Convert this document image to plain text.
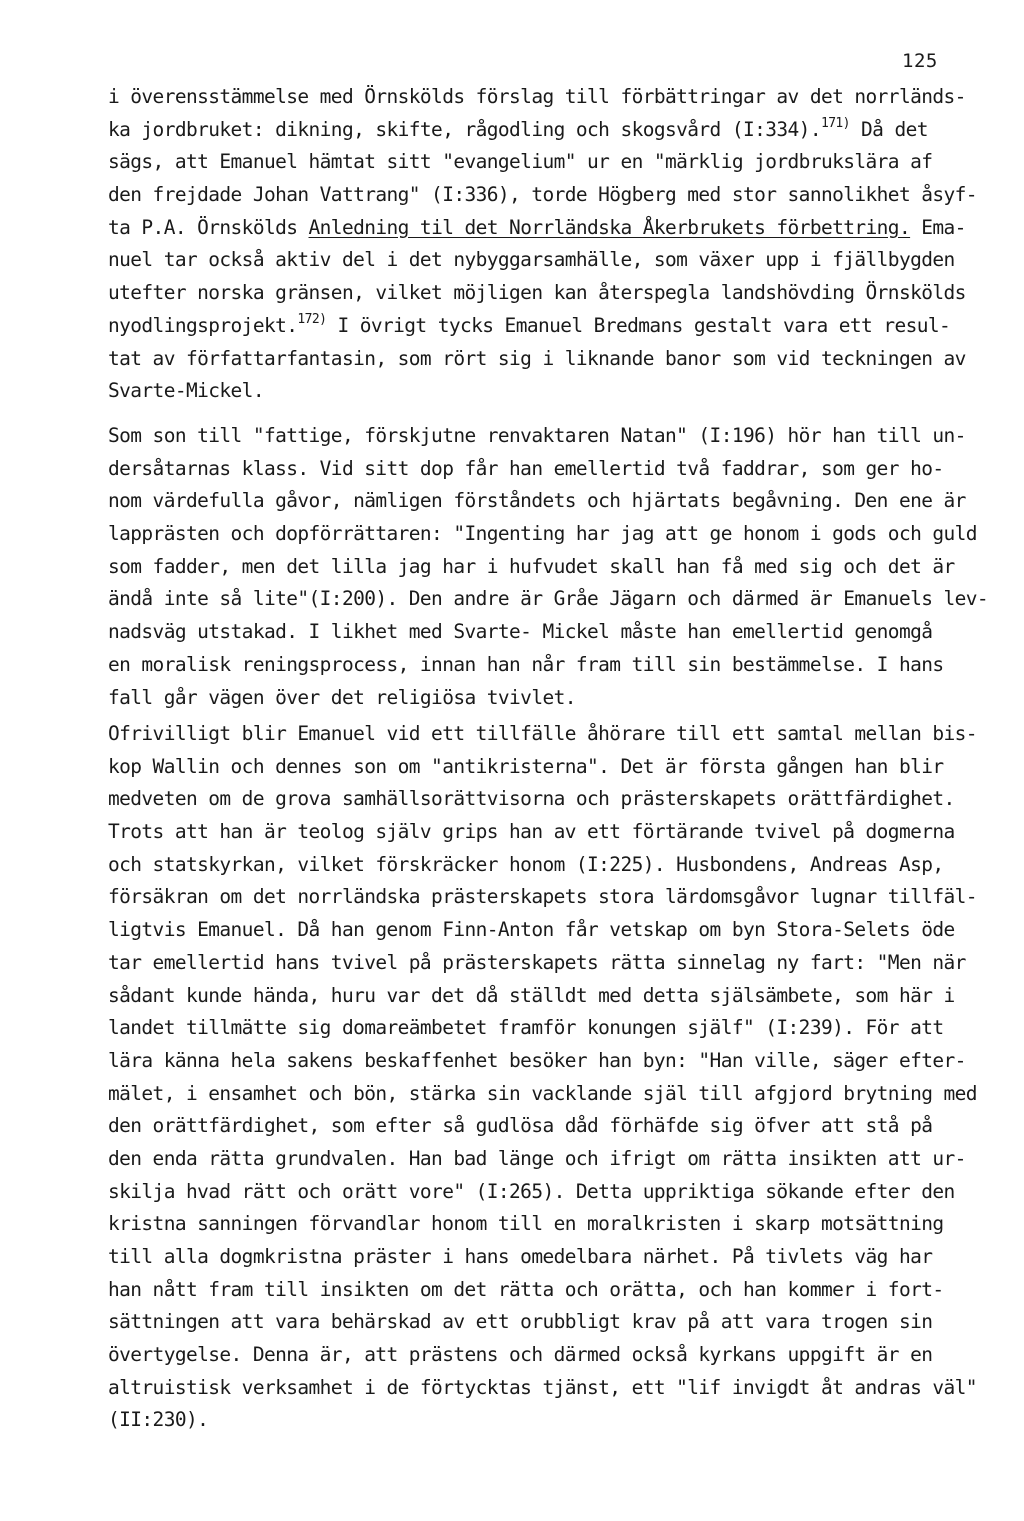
125
i överensstämmelse med Örnskölds förslag till förbättringar av det norrländs-
ka jordbruket: dikning, skifte, rågodling och skogsvård (I:334).$^{171)}$ Då det
sägs, att Emanuel hämtat sitt "evangelium" ur en "märklig jordbrukslära af
den frejdade Johan Vattrang" (I:336), torde Högberg med stor sannolikhet åsyf-
ta P.A. Örnskölds Anledning til det Norrländska Åkerbrukets förbettring. Ema-
nuel tar också aktiv del i det nybyggarsamhälle, som växer upp i fjällbygden
utefter norska gränsen, vilket möjligen kan återspegla landshövding Örnskölds
nyodlingsprojekt.$^{172)}$ I övrigt tycks Emanuel Bredmans gestalt vara ett resul-
tat av författarfantasin, som rört sig i liknande banor som vid teckningen av
Svarte-Mickel.
Som son till "fattige, förskjutne renvaktaren Natan" (I:196) hör han till un-
dersåtarnas klass. Vid sitt dop får han emellertid två faddrar, som ger ho-
nom värdefulla gåvor, nämligen förståndets och hjärtats begåvning. Den ene är
lapprästen och dopförrättaren: "Ingenting har jag att ge honom i gods och guld
som fadder, men det lilla jag har i hufvudet skall han få med sig och det är
ändå inte så lite"(I:200). Den andre är Gråe Jägarn och därmed är Emanuels lev-
nadsväg utstakad. I likhet med Svarte- Mickel måste han emellertid genomgå
en moralisk reningsprocess, innan han når fram till sin bestämmelse. I hans
fall går vägen över det religiösa tvivlet.
Ofrivilligt blir Emanuel vid ett tillfälle åhörare till ett samtal mellan bis-
kop Wallin och dennes son om "antikristerna". Det är första gången han blir
medveten om de grova samhällsorättvisorna och prästerskapets orättfärdighet.
Trots att han är teolog själv grips han av ett förtärande tvivel på dogmerna
och statskyrkan, vilket förskräcker honom (I:225). Husbondens, Andreas Asp,
försäkran om det norrländska prästerskapets stora lärdomsgåvor lugnar tillfäl-
ligtvis Emanuel. Då han genom Finn-Anton får vetskap om byn Stora-Selets öde
tar emellertid hans tvivel på prästerskapets rätta sinnelag ny fart: "Men när
sådant kunde hända, huru var det då ställdt med detta själsämbete, som här i
landet tillmätte sig domareämbetet framför konungen själf" (I:239). För att
lära känna hela sakens beskaffenhet besöker han byn: "Han ville, säger efter-
mälet, i ensamhet och bön, stärka sin vacklande själ till afgjord brytning med
den orättfärdighet, som efter så gudlösa dåd förhäfde sig öfver att stå på
den enda rätta grundvalen. Han bad länge och ifrigt om rätta insikten att ur-
skilja hvad rätt och orätt vore" (I:265). Detta uppriktiga sökande efter den
kristna sanningen förvandlar honom till en moralkristen i skarp motsättning
till alla dogmkristna präster i hans omedelbara närhet. På tivlets väg har
han nått fram till insikten om det rätta och orätta, och han kommer i fort-
sättningen att vara behärskad av ett orubbligt krav på att vara trogen sin
övertygelse. Denna är, att prästens och därmed också kyrkans uppgift är en
altruistisk verksamhet i de förtycktas tjänst, ett "lif invigdt åt andras väl"
(II:230).
